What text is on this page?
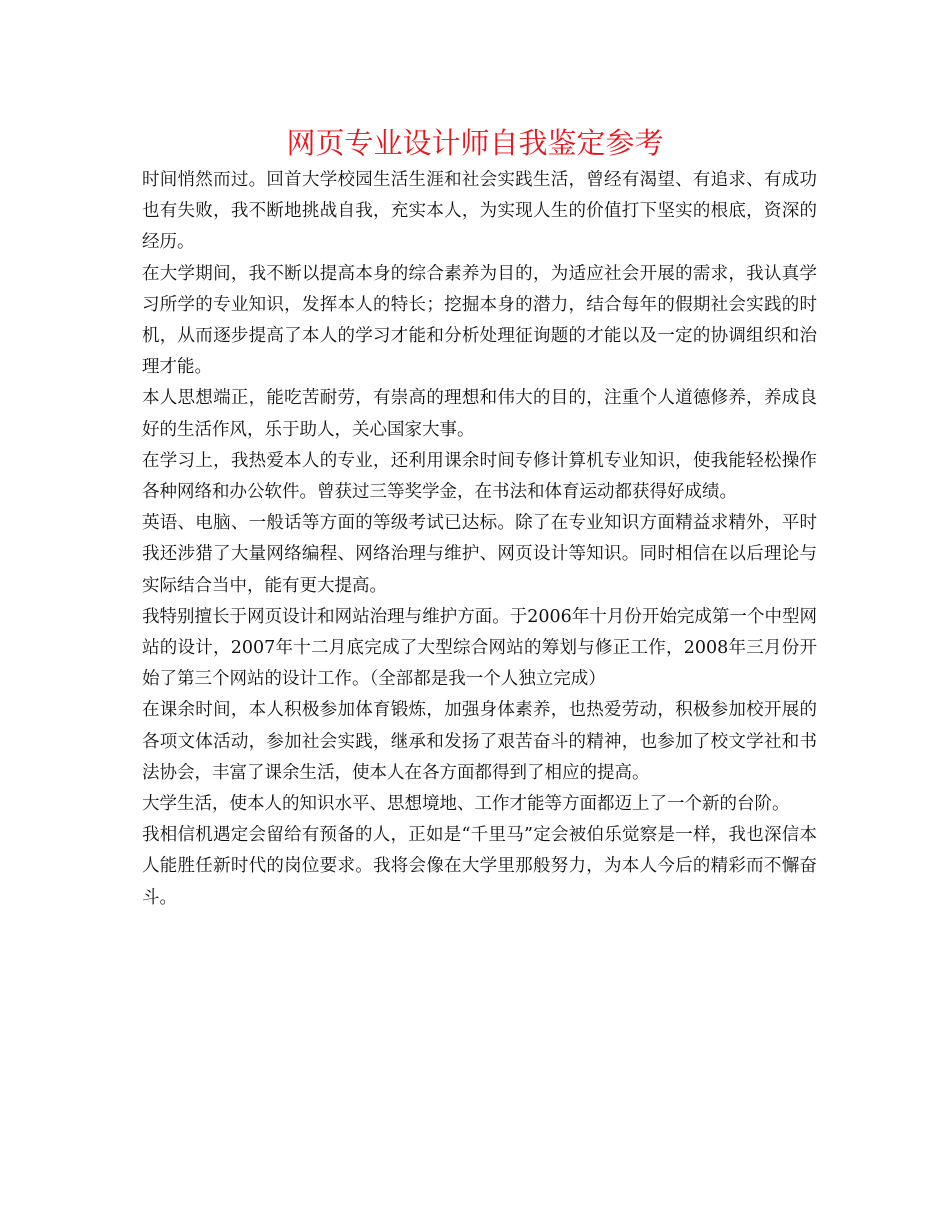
网页专业设计师自我鉴定参考

时间悄然而过。回首大学校园生活生涯和社会实践生活，曾经有渴望、有追求、有成功也有失败，我不断地挑战自我，充实本人，为实现人生的价值打下坚实的根底，资深的经历。

在大学期间，我不断以提高本身的综合素养为目的，为适应社会开展的需求，我认真学习所学的专业知识，发挥本人的特长；挖掘本身的潜力，结合每年的假期社会实践的时机，从而逐步提高了本人的学习才能和分析处理征询题的才能以及一定的协调组织和治理才能。

本人思想端正，能吃苦耐劳，有崇高的理想和伟大的目的，注重个人道德修养，养成良好的生活作风，乐于助人，关心国家大事。

在学习上，我热爱本人的专业，还利用课余时间专修计算机专业知识，使我能轻松操作各种网络和办公软件。曾获过三等奖学金，在书法和体育运动都获得好成绩。

英语、电脑、一般话等方面的等级考试已达标。除了在专业知识方面精益求精外，平时我还涉猎了大量网络编程、网络治理与维护、网页设计等知识。同时相信在以后理论与实际结合当中，能有更大提高。

我特别擅长于网页设计和网站治理与维护方面。于2006年十月份开始完成第一个中型网站的设计，2007年十二月底完成了大型综合网站的筹划与修正工作，2008年三月份开始了第三个网站的设计工作。（全部都是我一个人独立完成）

在课余时间，本人积极参加体育锻炼，加强身体素养，也热爱劳动，积极参加校开展的各项文体活动，参加社会实践，继承和发扬了艰苦奋斗的精神，也参加了校文学社和书法协会，丰富了课余生活，使本人在各方面都得到了相应的提高。

大学生活，使本人的知识水平、思想境地、工作才能等方面都迈上了一个新的台阶。

我相信机遇定会留给有预备的人，正如是“千里马”定会被伯乐觉察是一样，我也深信本人能胜任新时代的岗位要求。我将会像在大学里那般努力，为本人今后的精彩而不懈奋斗。
